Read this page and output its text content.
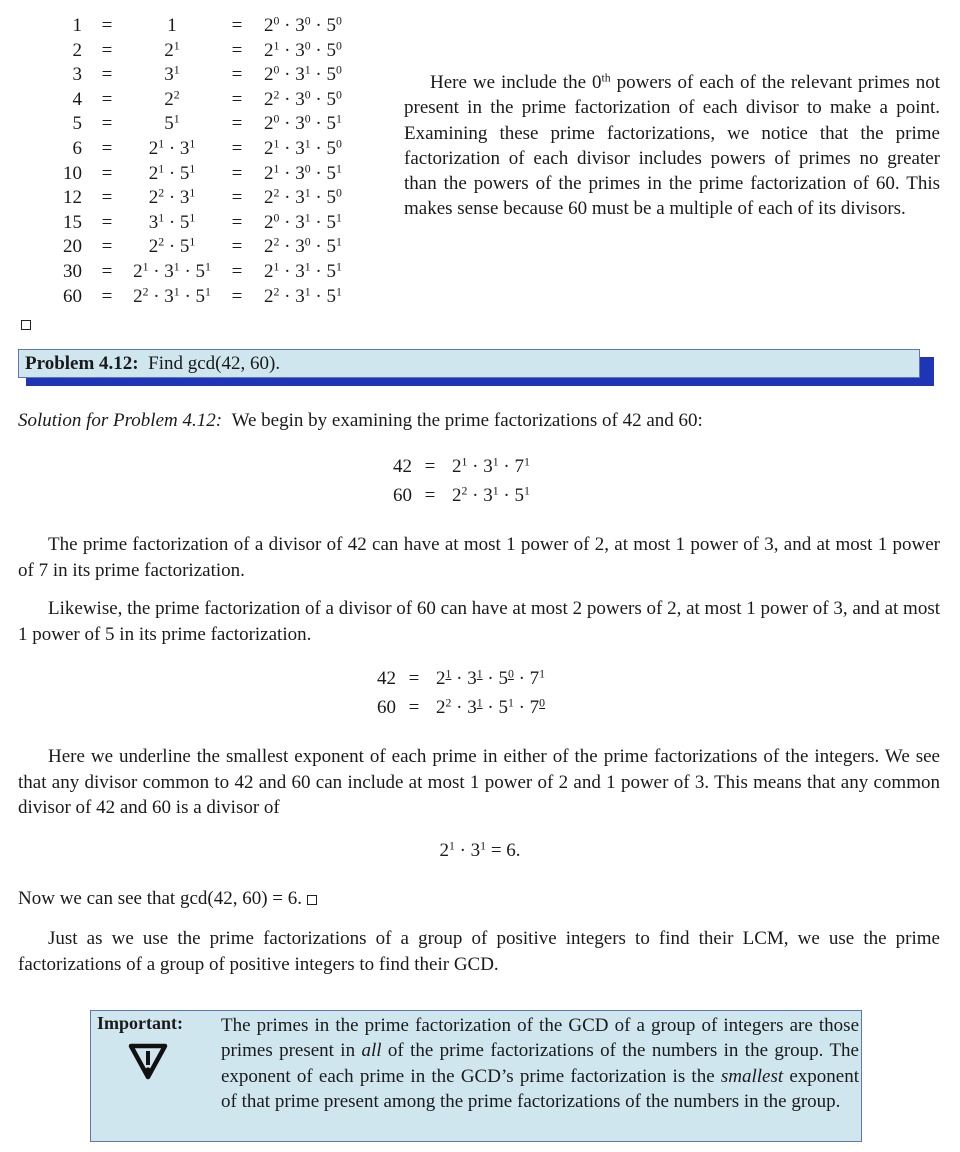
1 =	1	= $2^0 \cdot 3^0 \cdot 5^0$
2 =	$2^1$	= $2^1 \cdot 3^0 \cdot 5^0$
3 =	$3^1$	= $2^0 \cdot 3^1 \cdot 5^0$
4 =	$2^2$	= $2^2 \cdot 3^0 \cdot 5^0$
5 =	$5^1$	= $2^0 \cdot 3^0 \cdot 5^1$
6 =	$2^1 \cdot 3^1$	= $2^1 \cdot 3^1 \cdot 5^0$
10 =	$2^1 \cdot 5^1$	= $2^1 \cdot 3^0 \cdot 5^1$
12 =	$2^2 \cdot 3^1$	= $2^2 \cdot 3^1 \cdot 5^0$
15 =	$3^1 \cdot 5^1$	= $2^0 \cdot 3^1 \cdot 5^1$
20 =	$2^2 \cdot 5^1$	= $2^2 \cdot 3^0 \cdot 5^1$
30 =	$2^1 \cdot 3^1 \cdot 5^1$	= $2^1 \cdot 3^1 \cdot 5^1$
60 =	$2^2 \cdot 3^1 \cdot 5^1$	= $2^2 \cdot 3^1 \cdot 5^1$
Here we include the 0th powers of each of the relevant primes not present in the prime factorization of each divisor to make a point. Examining these prime factorizations, we notice that the prime factorization of each divisor includes powers of primes no greater than the powers of the primes in the prime factorization of 60. This makes sense because 60 must be a multiple of each of its divisors.
Problem 4.12: Find gcd(42, 60).
Solution for Problem 4.12: We begin by examining the prime factorizations of 42 and 60:
$42 = 2^1 \cdot 3^1 \cdot 7^1$
$60 = 2^2 \cdot 3^1 \cdot 5^1$
The prime factorization of a divisor of 42 can have at most 1 power of 2, at most 1 power of 3, and at most 1 power of 7 in its prime factorization.
Likewise, the prime factorization of a divisor of 60 can have at most 2 powers of 2, at most 1 power of 3, and at most 1 power of 5 in its prime factorization.
$42 = 2^1 \cdot 3^1 \cdot 5^0 \cdot 7^1$
$60 = 2^2 \cdot 3^1 \cdot 5^1 \cdot 7^0$
Here we underline the smallest exponent of each prime in either of the prime factorizations of the integers. We see that any divisor common to 42 and 60 can include at most 1 power of 2 and 1 power of 3. This means that any common divisor of 42 and 60 is a divisor of
$2^1 \cdot 3^1 = 6$.
Now we can see that gcd(42, 60) = 6.
Just as we use the prime factorizations of a group of positive integers to find their LCM, we use the prime factorizations of a group of positive integers to find their GCD.
Important: The primes in the prime factorization of the GCD of a group of integers are those primes present in all of the prime factorizations of the numbers in the group. The exponent of each prime in the GCD’s prime factorization is the smallest exponent of that prime present among the prime factorizations of the numbers in the group.
